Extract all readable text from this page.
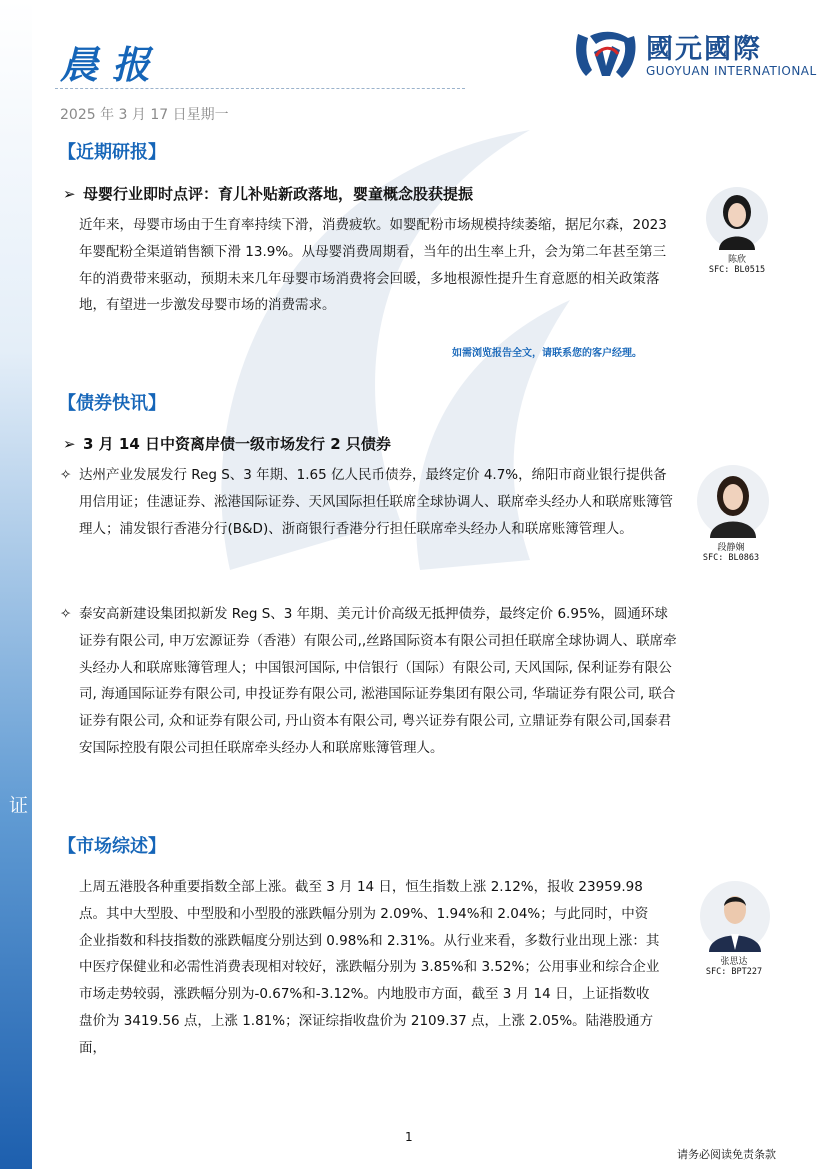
证
晨报
2025 年 3 月 17 日星期一
國元國際
GUOYUAN INTERNATIONAL
【近期研报】
➢ 母婴行业即时点评：育儿补贴新政落地，婴童概念股获提振
近年来，母婴市场由于生育率持续下滑，消费疲软。如婴配粉市场规模持续萎缩，据尼尔森，2023 年婴配粉全渠道销售额下滑 13.9%。从母婴消费周期看，当年的出生率上升，会为第二年甚至第三年的消费带来驱动，预期未来几年母婴市场消费将会回暖，多地根源性提升生育意愿的相关政策落地，有望进一步激发母婴市场的消费需求。
如需浏览报告全文，请联系您的客户经理。
【债券快讯】
➢ 3 月 14 日中资离岸债一级市场发行 2 只债券
✧ 达州产业发展发行 Reg S、3 年期、1.65 亿人民币债券，最终定价 4.7%，绵阳市商业银行提供备用信用证；佳潓证券、淞港国际证券、天风国际担任联席全球协调人、联席牵头经办人和联席账簿管理人；浦发银行香港分行(B&D)、浙商银行香港分行担任联席牵头经办人和联席账簿管理人。
✧ 泰安高新建设集团拟新发 Reg S、3 年期、美元计价高级无抵押债券，最终定价 6.95%，圆通环球证券有限公司, 申万宏源证券（香港）有限公司,,丝路国际资本有限公司担任联席全球协调人、联席牵头经办人和联席账簿管理人；中国银河国际, 中信银行（国际）有限公司, 天风国际, 保利证券有限公司, 海通国际证券有限公司, 申投证券有限公司, 淞港国际证券集团有限公司, 华瑞证券有限公司, 联合证券有限公司, 众和证券有限公司, 丹山资本有限公司, 粤兴证券有限公司, 立鼎证券有限公司,国泰君安国际控股有限公司担任联席牵头经办人和联席账簿管理人。
【市场综述】
上周五港股各种重要指数全部上涨。截至 3 月 14 日，恒生指数上涨 2.12%，报收 23959.98 点。其中大型股、中型股和小型股的涨跌幅分别为 2.09%、1.94%和 2.04%；与此同时，中资企业指数和科技指数的涨跌幅度分别达到 0.98%和 2.31%。从行业来看，多数行业出现上涨：其中医疗保健业和必需性消费表现相对较好，涨跌幅分别为 3.85%和 3.52%；公用事业和综合企业市场走势较弱，涨跌幅分别为-0.67%和-3.12%。内地股市方面，截至 3 月 14 日，上证指数收盘价为 3419.56 点，上涨 1.81%；深证综指收盘价为 2109.37 点，上涨 2.05%。陆港股通方面，
陈欣
SFC: BL0515
段静娴
SFC: BL0863
张思达
SFC: BPT227
1
请务必阅读免责条款
